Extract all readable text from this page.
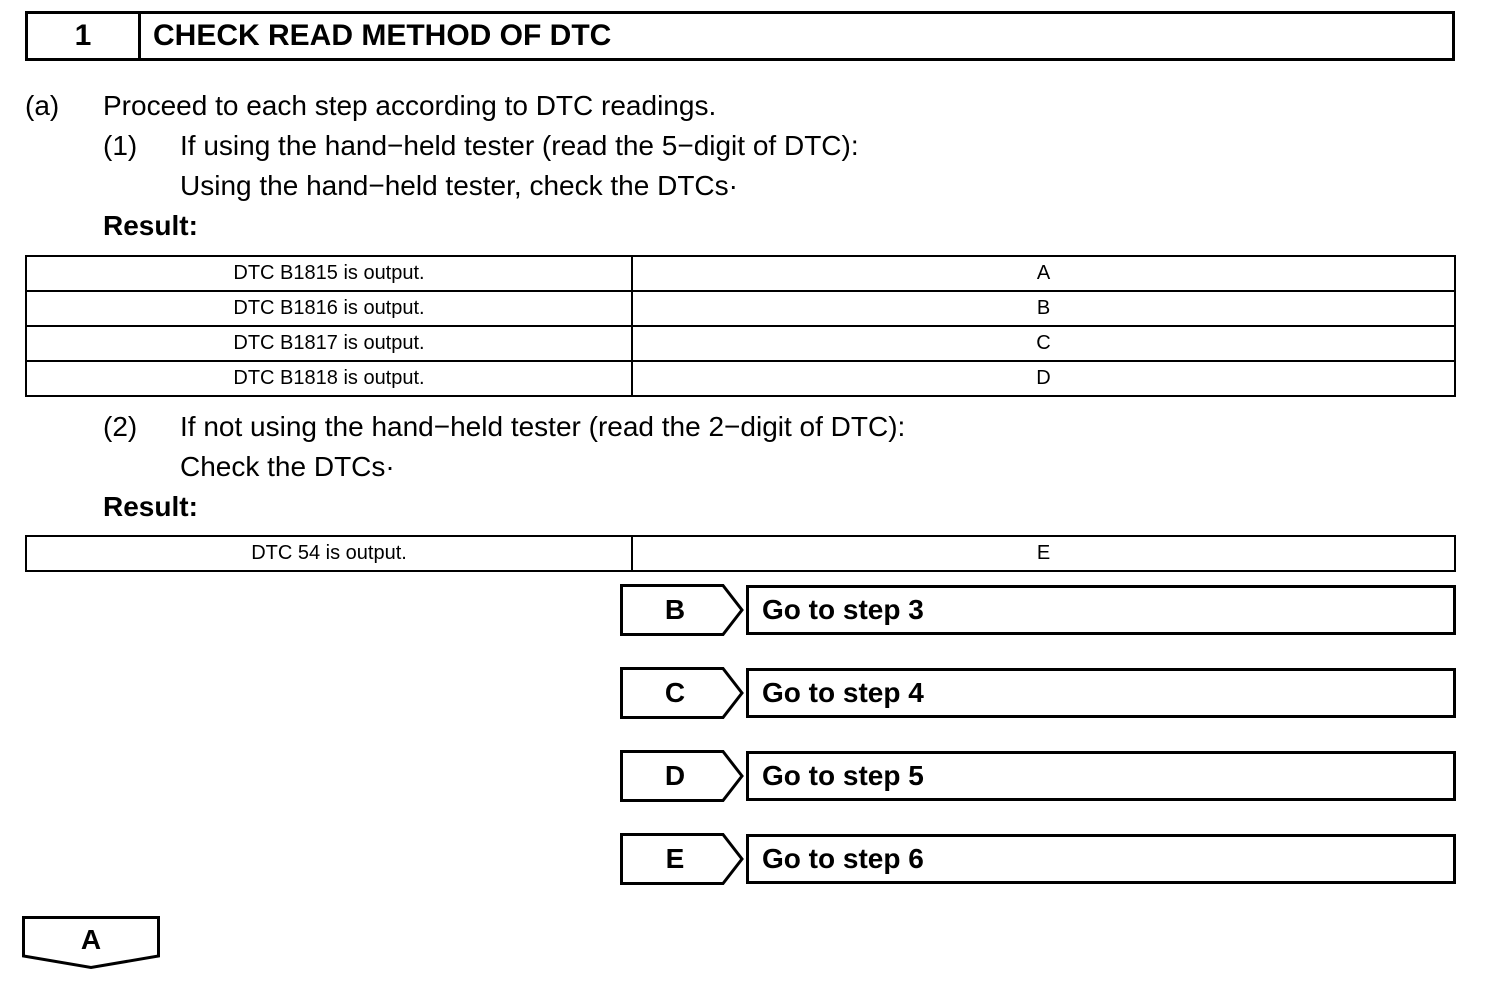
1	CHECK READ METHOD OF DTC
(a) Proceed to each step according to DTC readings.
(1) If using the hand−held tester (read the 5−digit of DTC):
Using the hand−held tester, check the DTCs·
Result:
DTC B1815 is output.	A
DTC B1816 is output.	B
DTC B1817 is output.	C
DTC B1818 is output.	D
(2) If not using the hand−held tester (read the 2−digit of DTC):
Check the DTCs·
Result:
DTC 54 is output.	E
B	Go to step 3
C	Go to step 4
D	Go to step 5
E	Go to step 6
A
